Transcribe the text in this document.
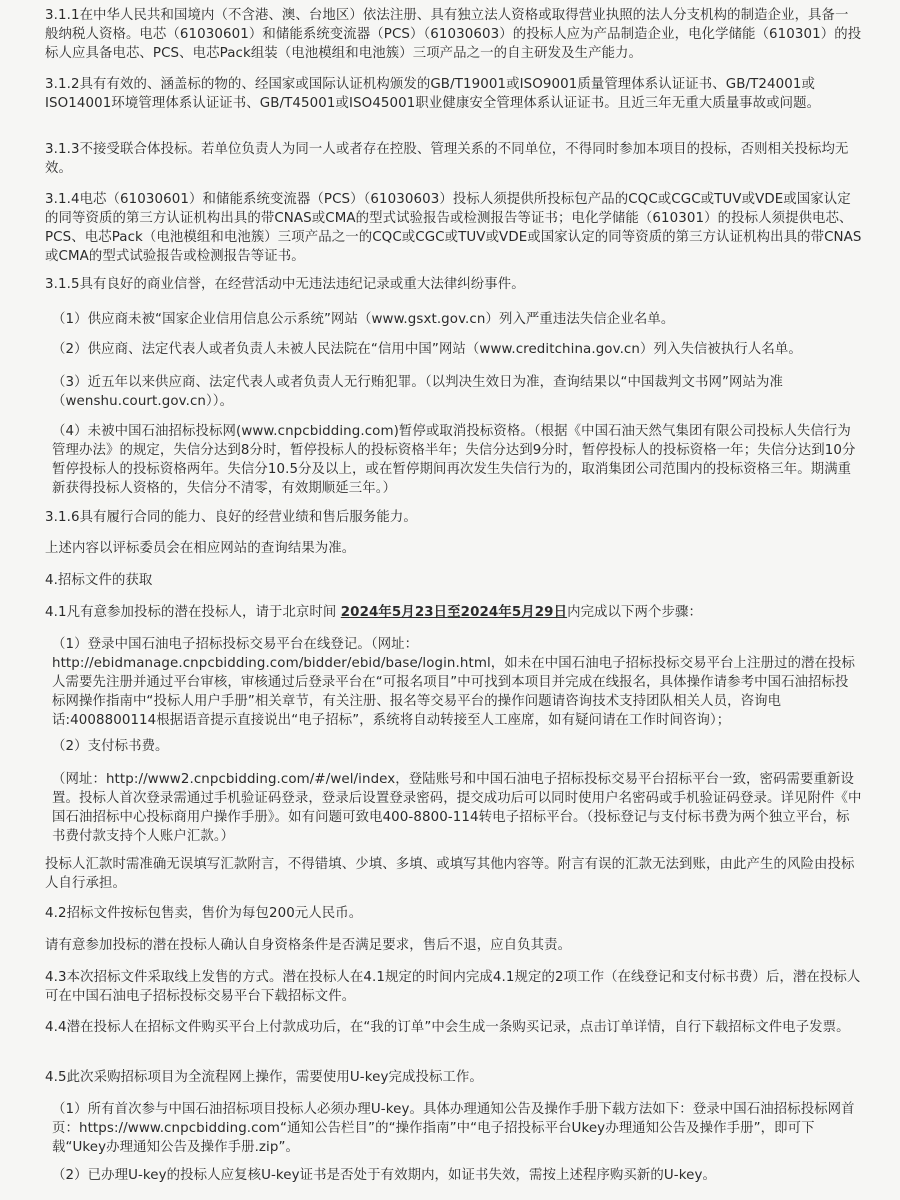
3.1.1在中华人民共和国境内（不含港、澳、台地区）依法注册、具有独立法人资格或取得营业执照的法人分支机构的制造企业，具备一般纳税人资格。电芯（61030601）和储能系统变流器（PCS）（61030603）的投标人应为产品制造企业，电化学储能（610301）的投标人应具备电芯、PCS、电芯Pack组装（电池模组和电池簇）三项产品之一的自主研发及生产能力。

3.1.2具有有效的、涵盖标的物的、经国家或国际认证机构颁发的GB/T19001或ISO9001质量管理体系认证证书、GB/T24001或ISO14001环境管理体系认证证书、GB/T45001或ISO45001职业健康安全管理体系认证证书。且近三年无重大质量事故或问题。

3.1.3不接受联合体投标。若单位负责人为同一人或者存在控股、管理关系的不同单位，不得同时参加本项目的投标，否则相关投标均无效。

3.1.4电芯（61030601）和储能系统变流器（PCS）（61030603）投标人须提供所投标包产品的CQC或CGC或TUV或VDE或国家认定的同等资质的第三方认证机构出具的带CNAS或CMA的型式试验报告或检测报告等证书；电化学储能（610301）的投标人须提供电芯、PCS、电芯Pack（电池模组和电池簇）三项产品之一的CQC或CGC或TUV或VDE或国家认定的同等资质的第三方认证机构出具的带CNAS或CMA的型式试验报告或检测报告等证书。

3.1.5具有良好的商业信誉，在经营活动中无违法违纪记录或重大法律纠纷事件。

（1）供应商未被“国家企业信用信息公示系统”网站（www.gsxt.gov.cn）列入严重违法失信企业名单。

（2）供应商、法定代表人或者负责人未被人民法院在“信用中国”网站（www.creditchina.gov.cn）列入失信被执行人名单。

（3）近五年以来供应商、法定代表人或者负责人无行贿犯罪。（以判决生效日为准，查询结果以“中国裁判文书网”网站为准（wenshu.court.gov.cn））。

（4）未被中国石油招标投标网(www.cnpcbidding.com)暂停或取消投标资格。（根据《中国石油天然气集团有限公司投标人失信行为管理办法》的规定，失信分达到8分时，暂停投标人的投标资格半年；失信分达到9分时，暂停投标人的投标资格一年；失信分达到10分暂停投标人的投标资格两年。失信分10.5分及以上，或在暂停期间再次发生失信行为的，取消集团公司范围内的投标资格三年。期满重新获得投标人资格的，失信分不清零，有效期顺延三年。）

3.1.6具有履行合同的能力、良好的经营业绩和售后服务能力。

上述内容以评标委员会在相应网站的查询结果为准。

4.招标文件的获取

4.1凡有意参加投标的潜在投标人，请于北京时间 2024年5月23日至2024年5月29日内完成以下两个步骤：

（1）登录中国石油电子招标投标交易平台在线登记。（网址：http://ebidmanage.cnpcbidding.com/bidder/ebid/base/login.html，如未在中国石油电子招标投标交易平台上注册过的潜在投标人需要先注册并通过平台审核，审核通过后登录平台在“可报名项目”中可找到本项目并完成在线报名，具体操作请参考中国石油招标投标网操作指南中“投标人用户手册”相关章节，有关注册、报名等交易平台的操作问题请咨询技术支持团队相关人员，咨询电话:4008800114根据语音提示直接说出“电子招标”，系统将自动转接至人工座席，如有疑问请在工作时间咨询）；

（2）支付标书费。

（网址：http://www2.cnpcbidding.com/#/wel/index，登陆账号和中国石油电子招标投标交易平台招标平台一致，密码需要重新设置。投标人首次登录需通过手机验证码登录，登录后设置登录密码，提交成功后可以同时使用户名密码或手机验证码登录。详见附件《中国石油招标中心投标商用户操作手册》。如有问题可致电400-8800-114转电子招标平台。（投标登记与支付标书费为两个独立平台，标书费付款支持个人账户汇款。）

投标人汇款时需准确无误填写汇款附言，不得错填、少填、多填、或填写其他内容等。附言有误的汇款无法到账，由此产生的风险由投标人自行承担。

4.2招标文件按标包售卖，售价为每包200元人民币。

请有意参加投标的潜在投标人确认自身资格条件是否满足要求，售后不退，应自负其责。

4.3本次招标文件采取线上发售的方式。潜在投标人在4.1规定的时间内完成4.1规定的2项工作（在线登记和支付标书费）后，潜在投标人可在中国石油电子招标投标交易平台下载招标文件。

4.4潜在投标人在招标文件购买平台上付款成功后，在“我的订单”中会生成一条购买记录，点击订单详情，自行下载招标文件电子发票。

4.5此次采购招标项目为全流程网上操作，需要使用U-key完成投标工作。

（1）所有首次参与中国石油招标项目投标人必须办理U-key。具体办理通知公告及操作手册下载方法如下：登录中国石油招标投标网首页：https://www.cnpcbidding.com“通知公告栏目”的“操作指南”中“电子招投标平台Ukey办理通知公告及操作手册”，即可下载“Ukey办理通知公告及操作手册.zip”。

（2）已办理U-key的投标人应复核U-key证书是否处于有效期内，如证书失效，需按上述程序购买新的U-key。
